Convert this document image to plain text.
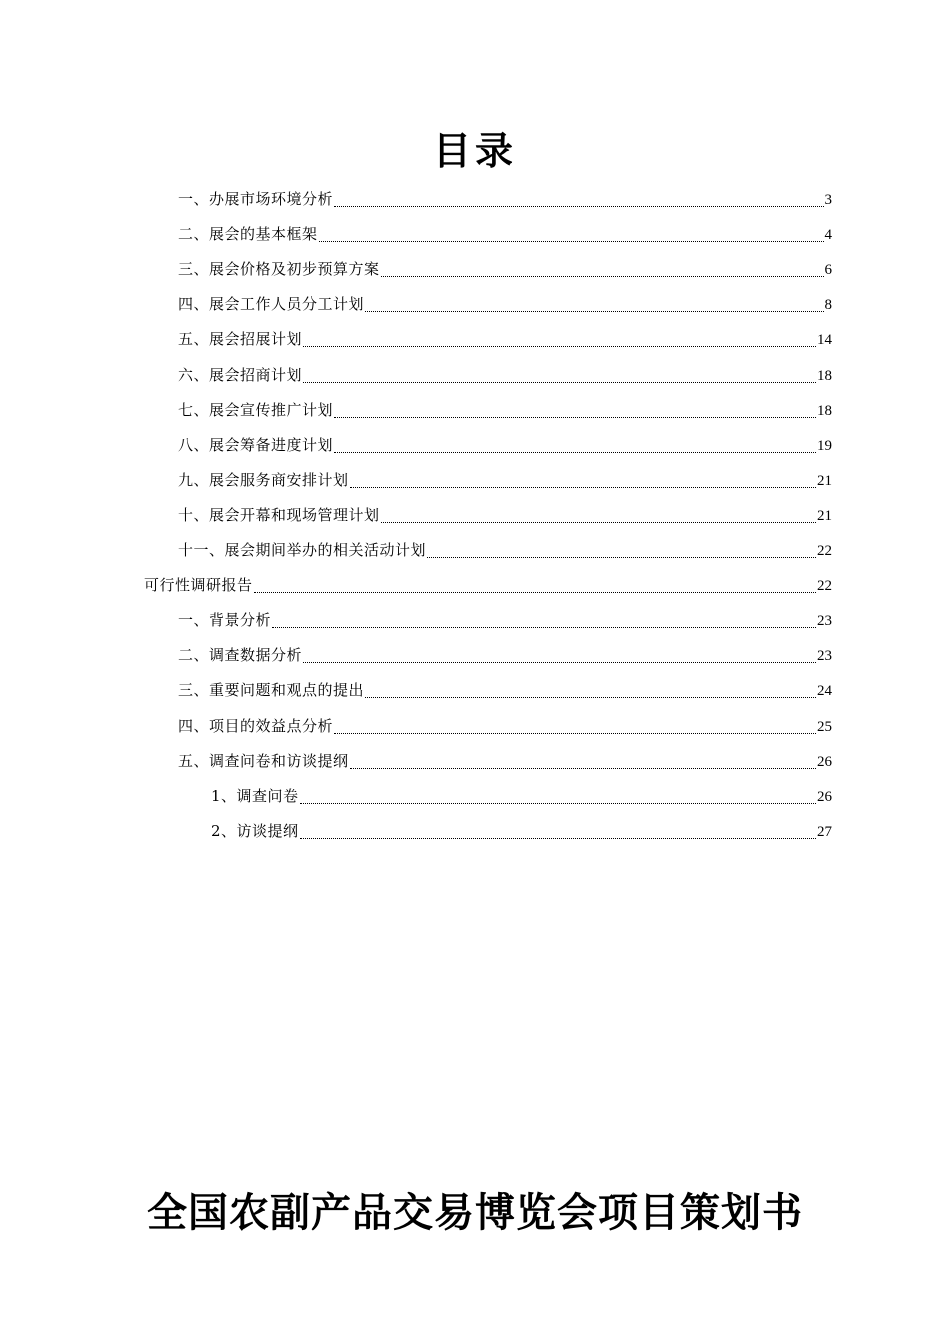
目录
一、办展市场环境分析	3
二、展会的基本框架	4
三、展会价格及初步预算方案	6
四、展会工作人员分工计划	8
五、展会招展计划	14
六、展会招商计划	18
七、展会宣传推广计划	18
八、展会筹备进度计划	19
九、展会服务商安排计划	21
十、展会开幕和现场管理计划	21
十一、展会期间举办的相关活动计划	22
可行性调研报告	22
一、背景分析	23
二、调查数据分析	23
三、重要问题和观点的提出	24
四、项目的效益点分析	25
五、调查问卷和访谈提纲	26
1、调查问卷	26
2、访谈提纲	27
全国农副产品交易博览会项目策划书
